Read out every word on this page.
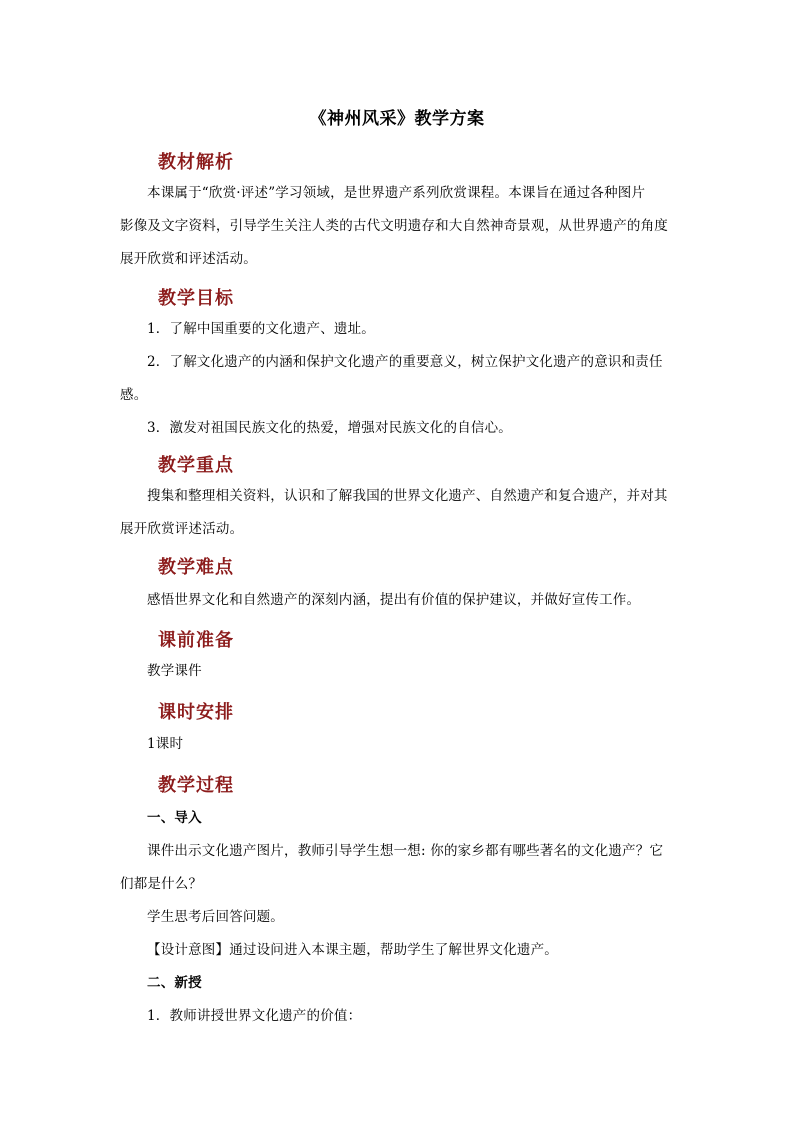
《神州风采》教学方案
教材解析
本课属于“欣赏·评述”学习领域，是世界遗产系列欣赏课程。本课旨在通过各种图片
影像及文字资料，引导学生关注人类的古代文明遗存和大自然神奇景观，从世界遗产的角度
展开欣赏和评述活动。
教学目标
1．了解中国重要的文化遗产、遗址。
2．了解文化遗产的内涵和保护文化遗产的重要意义，树立保护文化遗产的意识和责任
感。
3．激发对祖国民族文化的热爱，增强对民族文化的自信心。
教学重点
搜集和整理相关资料，认识和了解我国的世界文化遗产、自然遗产和复合遗产，并对其
展开欣赏评述活动。
教学难点
感悟世界文化和自然遗产的深刻内涵，提出有价值的保护建议，并做好宣传工作。
课前准备
教学课件
课时安排
1课时
教学过程
一、导入
课件出示文化遗产图片，教师引导学生想一想: 你的家乡都有哪些著名的文化遗产？它
们都是什么？
学生思考后回答问题。
【设计意图】通过设问进入本课主题，帮助学生了解世界文化遗产。
二、新授
1．教师讲授世界文化遗产的价值：
